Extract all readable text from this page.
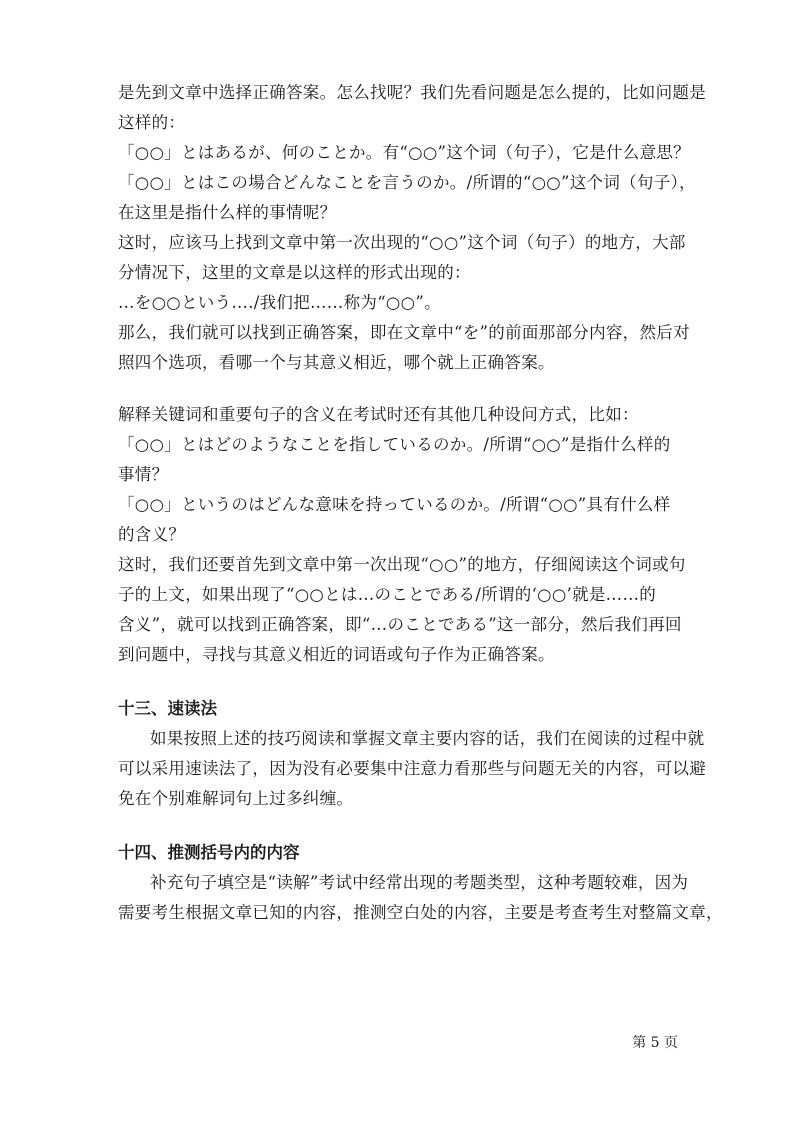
是先到文章中选择正确答案。怎么找呢？我们先看问题是怎么提的，比如问题是
这样的：
「○○」とはあるが、何のことか。有“○○”这个词（句子），它是什么意思？
「○○」とはこの場合どんなことを言うのか。/所谓的“○○”这个词（句子），
在这里是指什么样的事情呢？
这时，应该马上找到文章中第一次出现的“○○”这个词（句子）的地方，大部
分情况下，这里的文章是以这样的形式出现的：
…を○○という…./我们把……称为“○○”。
那么，我们就可以找到正确答案，即在文章中“を”的前面那部分内容，然后对
照四个选项，看哪一个与其意义相近，哪个就上正确答案。
解释关键词和重要句子的含义在考试时还有其他几种设问方式，比如：
「○○」とはどのようなことを指しているのか。/所谓“○○”是指什么样的
事情？
「○○」というのはどんな意味を持っているのか。/所谓“○○”具有什么样
的含义？
这时，我们还要首先到文章中第一次出现“○○”的地方，仔细阅读这个词或句
子的上文，如果出现了“○○とは…のことである/所谓的‘○○’就是……的
含义”，就可以找到正确答案，即“…のことである”这一部分，然后我们再回
到问题中，寻找与其意义相近的词语或句子作为正确答案。
十三、速读法
如果按照上述的技巧阅读和掌握文章主要内容的话，我们在阅读的过程中就
可以采用速读法了，因为没有必要集中注意力看那些与问题无关的内容，可以避
免在个别难解词句上过多纠缠。
十四、推测括号内的内容
补充句子填空是“读解”考试中经常出现的考题类型，这种考题较难，因为
需要考生根据文章已知的内容，推测空白处的内容，主要是考查考生对整篇文章，
第 5 页
